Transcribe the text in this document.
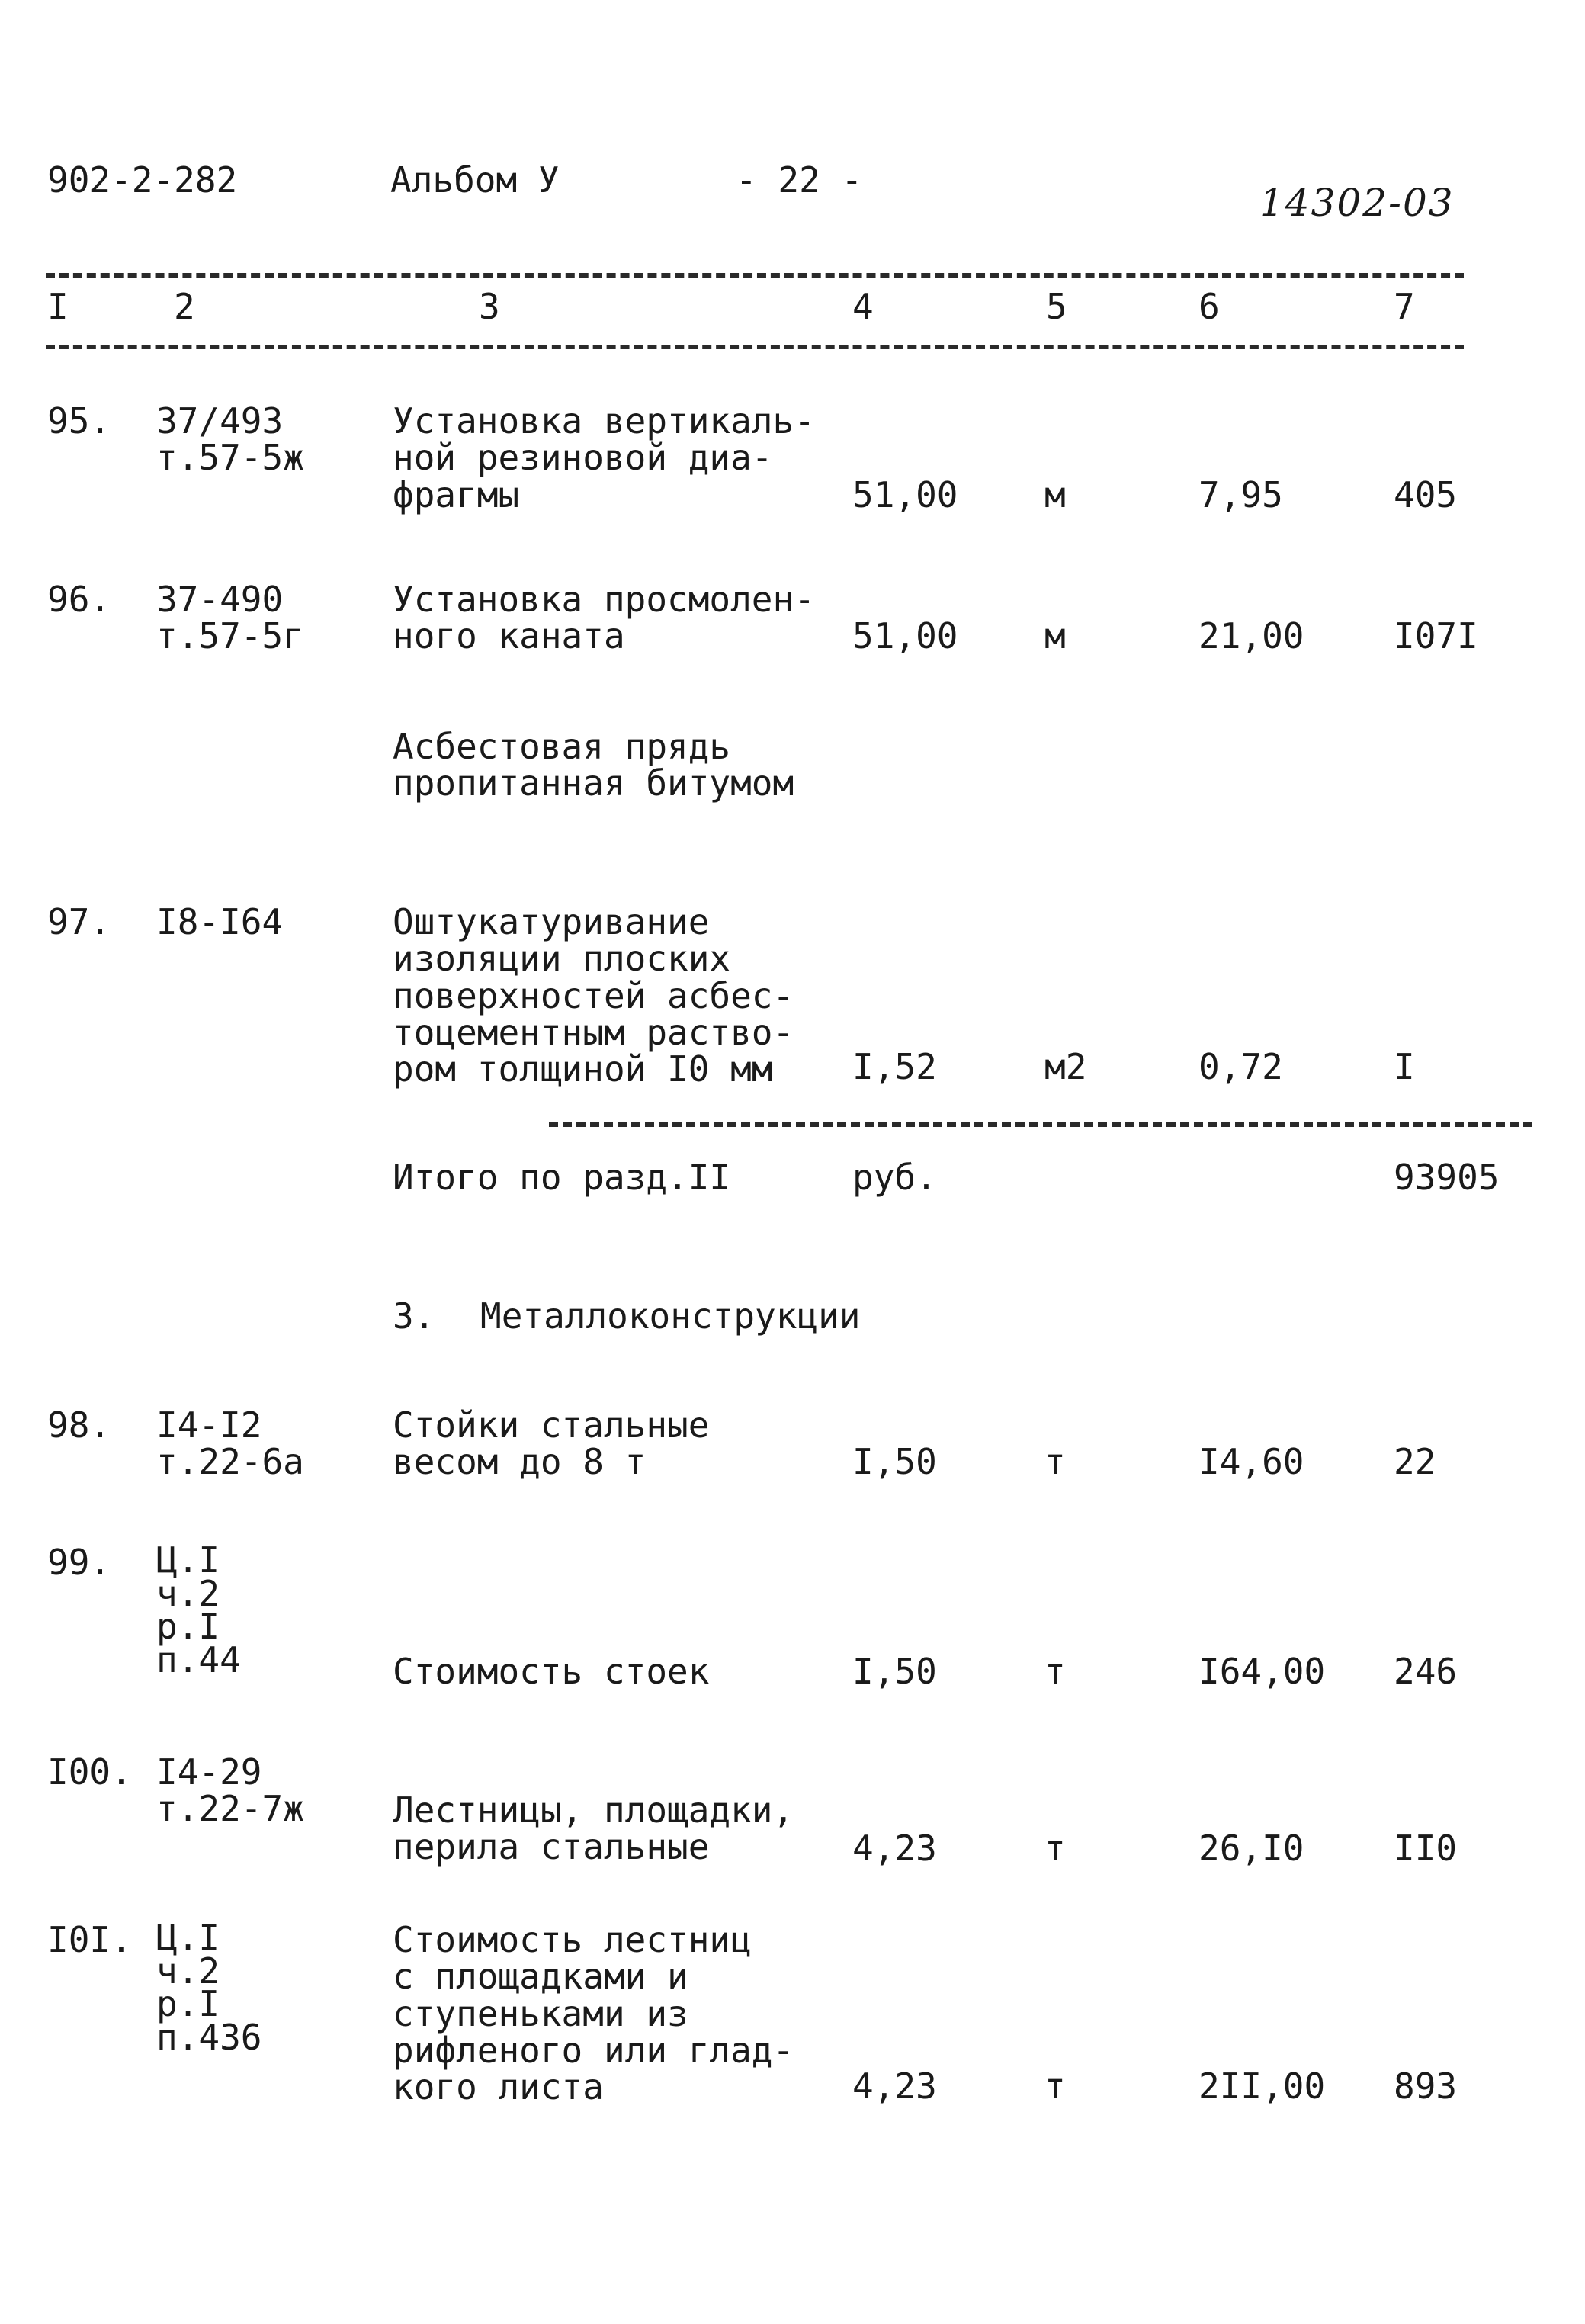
902-2-282	Альбом У	- 22 -
14302-03
I	2	3	4	5	6	7
95. 37/493
т.57-5ж
Установка вертикаль-
ной резиновой диа-
фрагмы	51,00 м	7,95	405
96. 37-490
т.57-5г
Установка просмолен-
ного каната	51,00 м	21,00	I07I
Асбестовая прядь
пропитанная битумом
97. I8-I64	Оштукатуривание
изоляции плоских
поверхностей асбес-
тоцементным раство-
ром толщиной I0 мм	I,52	м2	0,72	I
Итого по разд.II	руб.	93905
3. Металлоконструкции
98. I4-I2
т.22-6а
Стойки стальные
весом до 8 т	I,50	т	I4,60	22
99. Ц.I
ч.2
р.I
п.44	Стоимость стоек	I,50	т	I64,00 246
I00. I4-29
т.22-7ж	Лестницы, площадки,
перила стальные	4,23	т	26,I0	II0
I0I. Ц.I
ч.2
р.I
п.436
Стоимость лестниц
с площадками и
ступеньками из
рифленого или глад-
кого листа	4,23	т	2II,00 893
